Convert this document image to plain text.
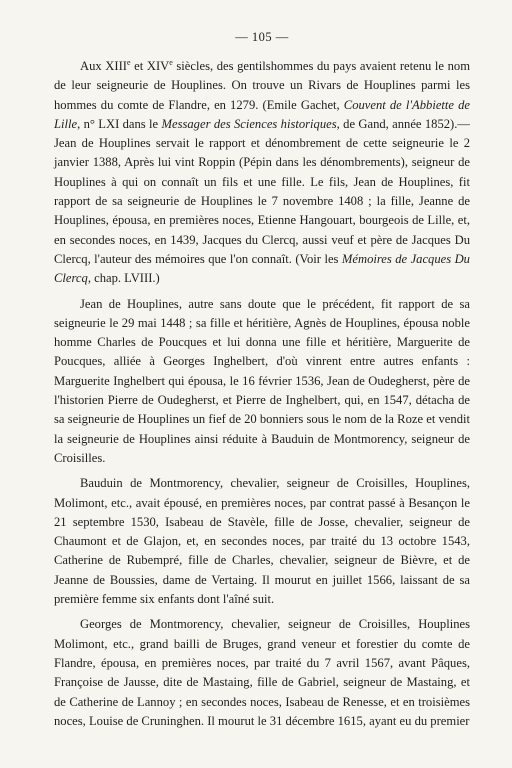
— 105 —

Aux XIIIe et XIVe siècles, des gentilshommes du pays avaient retenu le nom de leur seigneurie de Houplines. On trouve un Rivars de Houplines parmi les hommes du comte de Flandre, en 1279. (Emile Gachet, Couvent de l'Abbiette de Lille, n° LXI dans le Messager des Sciences historiques, de Gand, année 1852).— Jean de Houplines servait le rapport et dénombrement de cette seigneurie le 2 janvier 1388, Après lui vint Roppin (Pépin dans les dénombrements), seigneur de Houplines à qui on connaît un fils et une fille. Le fils, Jean de Houplines, fit rapport de sa seigneurie de Houplines le 7 novembre 1408 ; la fille, Jeanne de Houplines, épousa, en premières noces, Etienne Hangouart, bourgeois de Lille, et, en secondes noces, en 1439, Jacques du Clercq, aussi veuf et père de Jacques Du Clercq, l'auteur des mémoires que l'on connaît. (Voir les Mémoires de Jacques Du Clercq, chap. LVIII.)

Jean de Houplines, autre sans doute que le précédent, fit rapport de sa seigneurie le 29 mai 1448 ; sa fille et héritière, Agnès de Houplines, épousa noble homme Charles de Poucques et lui donna une fille et héritière, Marguerite de Poucques, alliée à Georges Inghelbert, d'où vinrent entre autres enfants : Marguerite Inghelbert qui épousa, le 16 février 1536, Jean de Oudegherst, père de l'historien Pierre de Oudegherst, et Pierre de Inghelbert, qui, en 1547, détacha de sa seigneurie de Houplines un fief de 20 bonniers sous le nom de la Roze et vendit la seigneurie de Houplines ainsi réduite à Bauduin de Montmorency, seigneur de Croisilles.

Bauduin de Montmorency, chevalier, seigneur de Croisilles, Houplines, Molimont, etc., avait épousé, en premières noces, par contrat passé à Besançon le 21 septembre 1530, Isabeau de Stavèle, fille de Josse, chevalier, seigneur de Chaumont et de Glajon, et, en secondes noces, par traité du 13 octobre 1543, Catherine de Rubempré, fille de Charles, chevalier, seigneur de Bièvre, et de Jeanne de Boussies, dame de Vertaing. Il mourut en juillet 1566, laissant de sa première femme six enfants dont l'aîné suit.

Georges de Montmorency, chevalier, seigneur de Croisilles, Houplines Molimont, etc., grand bailli de Bruges, grand veneur et forestier du comte de Flandre, épousa, en premières noces, par traité du 7 avril 1567, avant Pâques, Françoise de Jausse, dite de Mastaing, fille de Gabriel, seigneur de Mastaing, et de Catherine de Lannoy ; en secondes noces, Isabeau de Renesse, et en troisièmes noces, Louise de Cruninghen. Il mourut le 31 décembre 1615, ayant eu du premier
